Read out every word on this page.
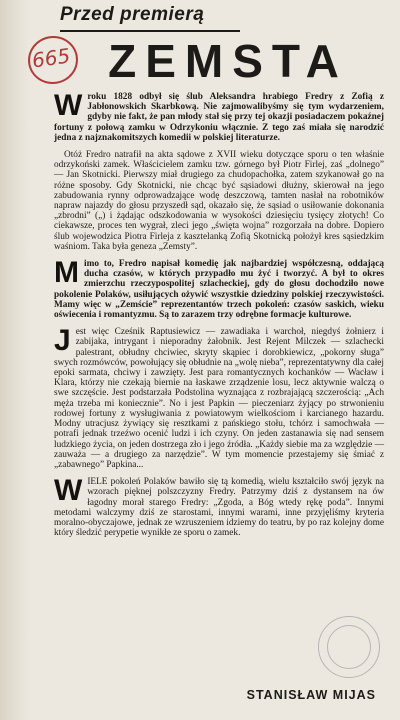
665
Przed premierą
ZEMSTA

W roku 1828 odbył się ślub Aleksandra hrabiego Fredry z Zofią z Jabłonowskich Skarbkową. Nie zajmowalibyśmy się tym wydarzeniem, gdyby nie fakt, że pan młody stał się przy tej okazji posiadaczem pokaźnej fortuny z połową zamku w Odrzykoniu włącznie. Z tego zaś miała się narodzić jedna z najznakomitszych komedii w polskiej literaturze.

Otóż Fredro natrafił na akta sądowe z XVII wieku dotyczące sporu o ten właśnie odrzykoński zamek. Właścicielem zamku tzw. górnego był Piotr Firlej, zaś „dolnego” — Jan Skotnicki. Pierwszy miał drugiego za chudopachołka, zatem szykanował go na różne sposoby. Gdy Skotnicki, nie chcąc być sąsiadowi dłużny, skierował na jego zabudowania rynny odprowadzające wodę deszczową, tamten nasłał na robotników napraw najazdy do głosu przyszedł sąd, okazało się, że sąsiad o usiłowanie dokonania „zbrodni” („) i żądając odszkodowania w wysokości dziesięciu tysięcy złotych! Co ciekawsze, proces ten wygrał, zleci jego „święta wojna” rozgorzała na dobre. Dopiero ślub wojewodzica Piotra Firleja z kasztelanką Zofią Skotnicką położył kres sąsiedzkim waśniom. Taka była geneza „Zemsty”.

M imo to, Fredro napisał komedię jak najbardziej współczesną, oddającą ducha czasów, w których przypadło mu żyć i tworzyć. A był to okres zmierzchu rzeczypospolitej szlacheckiej, gdy do głosu dochodziło nowe pokolenie Polaków, usiłujących ożywić wszystkie dziedziny polskiej rzeczywistości. Mamy więc w „Zemście” reprezentantów trzech pokoleń: czasów saskich, wieku oświecenia i romantyzmu. Są to zarazem trzy odrębne formacje kulturowe.

J est więc Cześnik Raptusiewicz — zawadiaka i warchoł, niegdyś żołnierz i zabijaka, intrygant i nieporadny żałobnik. Jest Rejent Milczek — szlachecki palestrant, obłudny chciwiec, skryty skąpiec i dorobkiewicz, „pokorny sługa” swych rozmówców, powołujący się obłudnie na „wolę nieba”, reprezentatywny dla całej epoki sarmata, chciwy i zawzięty. Jest para romantycznych kochanków — Wacław i Klara, którzy nie czekają biernie na łaskawe zrządzenie losu, lecz aktywnie walczą o swe szczęście. Jest podstarzała Podstolina wyznająca z rozbrajającą szczerością: „Ach męża trzeba mi koniecznie”. No i jest Papkin — pieczeniarz żyjący po strwonieniu rodowej fortuny z wysługiwania z powiatowym wielkościom i karcianego hazardu. Modny utracjusz żywiący się resztkami z pańskiego stołu, tchórz i samochwała — potrafi jednak trzeźwo ocenić ludzi i ich czyny. On jeden zastanawia się nad sensem ludzkiego życia, on jeden dostrzega zło i jego źródła. „Każdy siebie ma za względzie — zauważa — a drugiego za narzędzie”. W tym momencie przestajemy się śmiać z „zabawnego” Papkina...

W IELE pokoleń Polaków bawiło się tą komedią, wielu kształciło swój język na wzorach pięknej polszczyzny Fredry. Patrzymy dziś z dystansem na ów łagodny morał starego Fredry: „Zgoda, a Bóg wtedy rękę poda”. Innymi metodami walczymy dziś ze starostami, innymi warami, inne przyjęliśmy kryteria moralno-obyczajowe, jednak ze wzruszeniem idziemy do teatru, by po raz kolejny dome który śledzić perypetie wynikłe ze sporu o zamek.

STANISŁAW MIJAS
